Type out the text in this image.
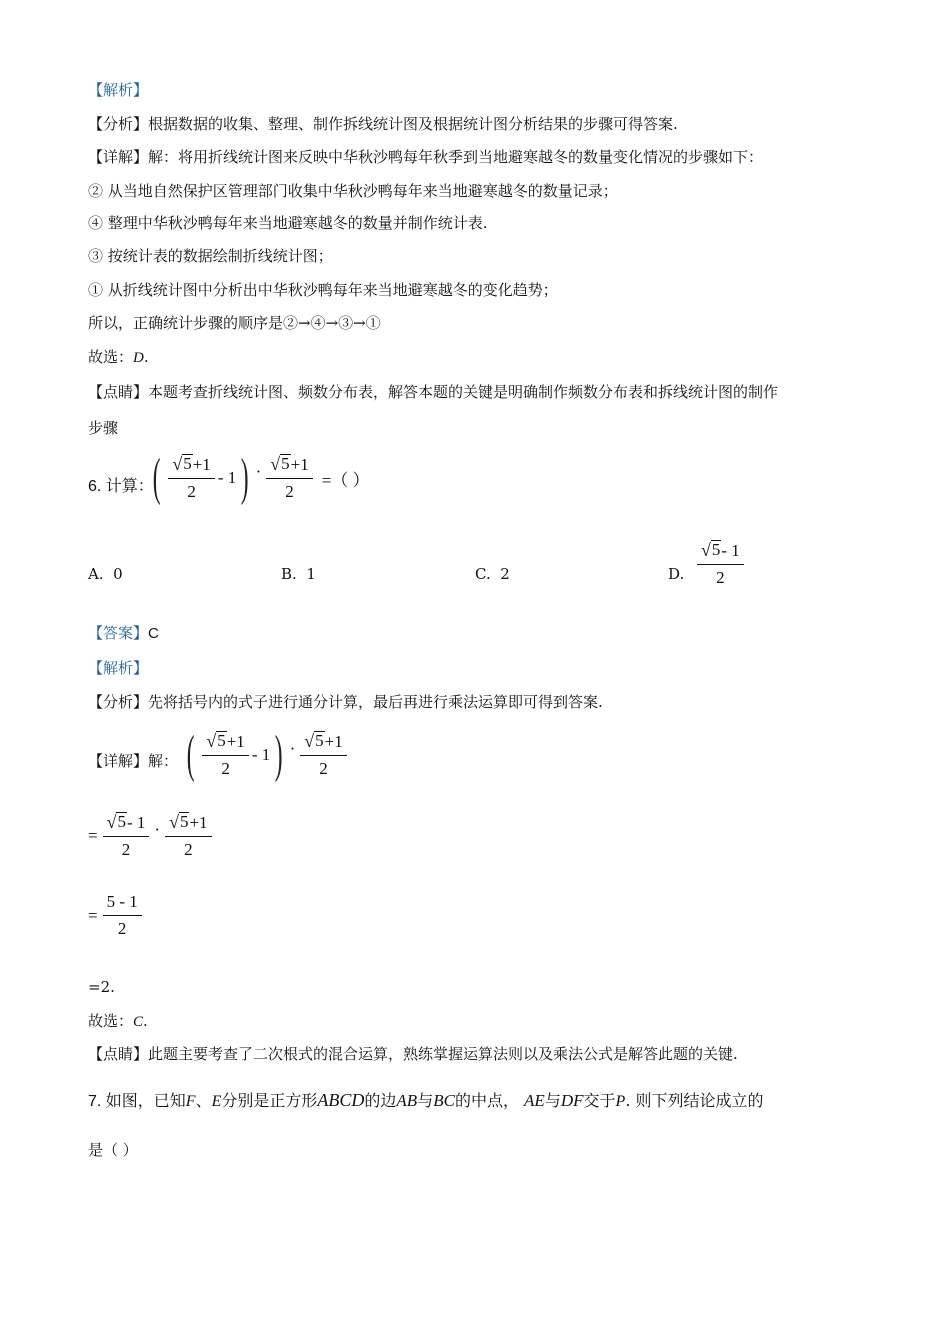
【解析】
【分析】根据数据的收集、整理、制作拆线统计图及根据统计图分析结果的步骤可得答案.
【详解】解：将用折线统计图来反映中华秋沙鸭每年秋季到当地避寒越冬的数量变化情况的步骤如下：
② 从当地自然保护区管理部门收集中华秋沙鸭每年来当地避寒越冬的数量记录；
④ 整理中华秋沙鸭每年来当地避寒越冬的数量并制作统计表.
③ 按统计表的数据绘制折线统计图；
① 从折线统计图中分析出中华秋沙鸭每年来当地避寒越冬的变化趋势；
所以，正确统计步骤的顺序是②→④→③→①
故选：D.
【点睛】本题考查折线统计图、频数分布表，解答本题的关键是明确制作频数分布表和拆线统计图的制作
步骤
6. 计算：
( $\frac{√ 5 +1}{2} - 1$ ) · $\frac{√ 5 +1}{2}$ =（ ）
A. 0	B. 1	C. 2	D. $\frac{√ 5 - 1}{2}$
【答案】C
【解析】
【分析】先将括号内的式子进行通分计算，最后再进行乘法运算即可得到答案.
【详解】解： ( $\frac{√ 5 +1}{2} - 1$ ) · $\frac{√ 5 +1}{2}$
= $\frac{√ 5 - 1}{2} \cdot \frac{√ 5 +1}{2}$
= $\frac{5 - 1}{2}$
=2.
故选：C.
【点睛】此题主要考查了二次根式的混合运算，熟练掌握运算法则以及乘法公式是解答此题的关键.
7. 如图，已知F、E分别是正方形ABCD的边AB与BC的中点， AE与DF交于P. 则下列结论成立的
是（ ）
